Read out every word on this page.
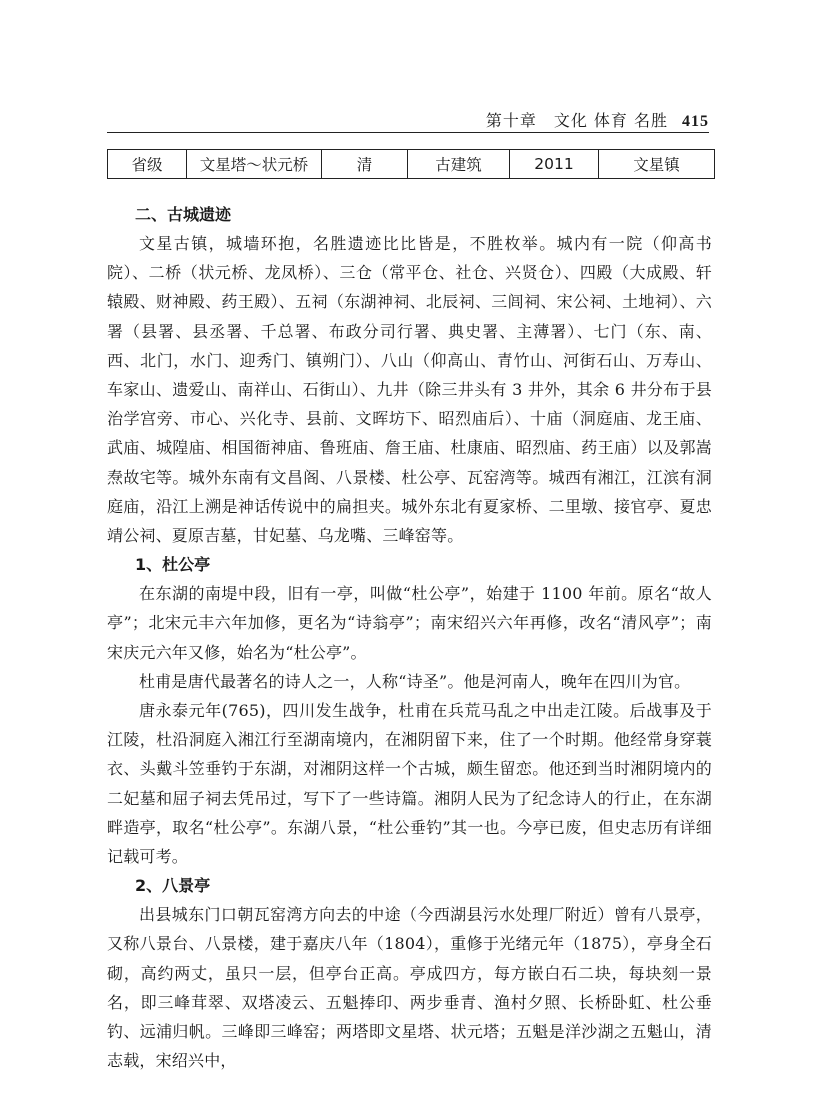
第十章　文化 体育 名胜 415
省级	文星塔～状元桥	清	古建筑	2011	文星镇
二、古城遗迹

文星古镇，城墙环抱，名胜遗迹比比皆是，不胜枚举。城内有一院（仰高书院）、二桥（状元桥、龙凤桥）、三仓（常平仓、社仓、兴贤仓）、四殿（大成殿、轩辕殿、财神殿、药王殿）、五祠（东湖神祠、北辰祠、三闾祠、宋公祠、土地祠）、六署（县署、县丞署、千总署、布政分司行署、典史署、主薄署）、七门（东、南、西、北门，水门、迎秀门、镇朔门）、八山（仰高山、青竹山、河街石山、万寿山、车家山、遗爱山、南祥山、石街山）、九井（除三井头有 3 井外，其余 6 井分布于县治学宫旁、市心、兴化寺、县前、文晖坊下、昭烈庙后）、十庙（洞庭庙、龙王庙、武庙、城隍庙、相国衙神庙、鲁班庙、詹王庙、杜康庙、昭烈庙、药王庙）以及郭嵩焘故宅等。城外东南有文昌阁、八景楼、杜公亭、瓦窑湾等。城西有湘江，江滨有洞庭庙，沿江上溯是神话传说中的扁担夹。城外东北有夏家桥、二里墩、接官亭、夏忠靖公祠、夏原吉墓，甘妃墓、乌龙嘴、三峰窑等。

1、杜公亭

在东湖的南堤中段，旧有一亭，叫做“杜公亭”，始建于 1100 年前。原名“故人亭”；北宋元丰六年加修，更名为“诗翁亭”；南宋绍兴六年再修，改名“清风亭”；南宋庆元六年又修，始名为“杜公亭”。

杜甫是唐代最著名的诗人之一，人称“诗圣”。他是河南人，晚年在四川为官。

唐永泰元年(765)，四川发生战争，杜甫在兵荒马乱之中出走江陵。后战事及于江陵，杜沿洞庭入湘江行至湖南境内，在湘阴留下来，住了一个时期。他经常身穿蓑衣、头戴斗笠垂钓于东湖，对湘阴这样一个古城，颇生留恋。他还到当时湘阴境内的二妃墓和屈子祠去凭吊过，写下了一些诗篇。湘阴人民为了纪念诗人的行止，在东湖畔造亭，取名“杜公亭”。东湖八景，“杜公垂钓”其一也。今亭已废，但史志历有详细记载可考。

2、八景亭

出县城东门口朝瓦窑湾方向去的中途（今西湖县污水处理厂附近）曾有八景亭，又称八景台、八景楼，建于嘉庆八年（1804），重修于光绪元年（1875），亭身全石砌，高约两丈，虽只一层，但亭台正高。亭成四方，每方嵌白石二块，每块刻一景名，即三峰茸翠、双塔凌云、五魁捧印、两步垂青、渔村夕照、长桥卧虹、杜公垂钓、远浦归帆。三峰即三峰窑；两塔即文星塔、状元塔；五魁是洋沙湖之五魁山，清志载，宋绍兴中，
